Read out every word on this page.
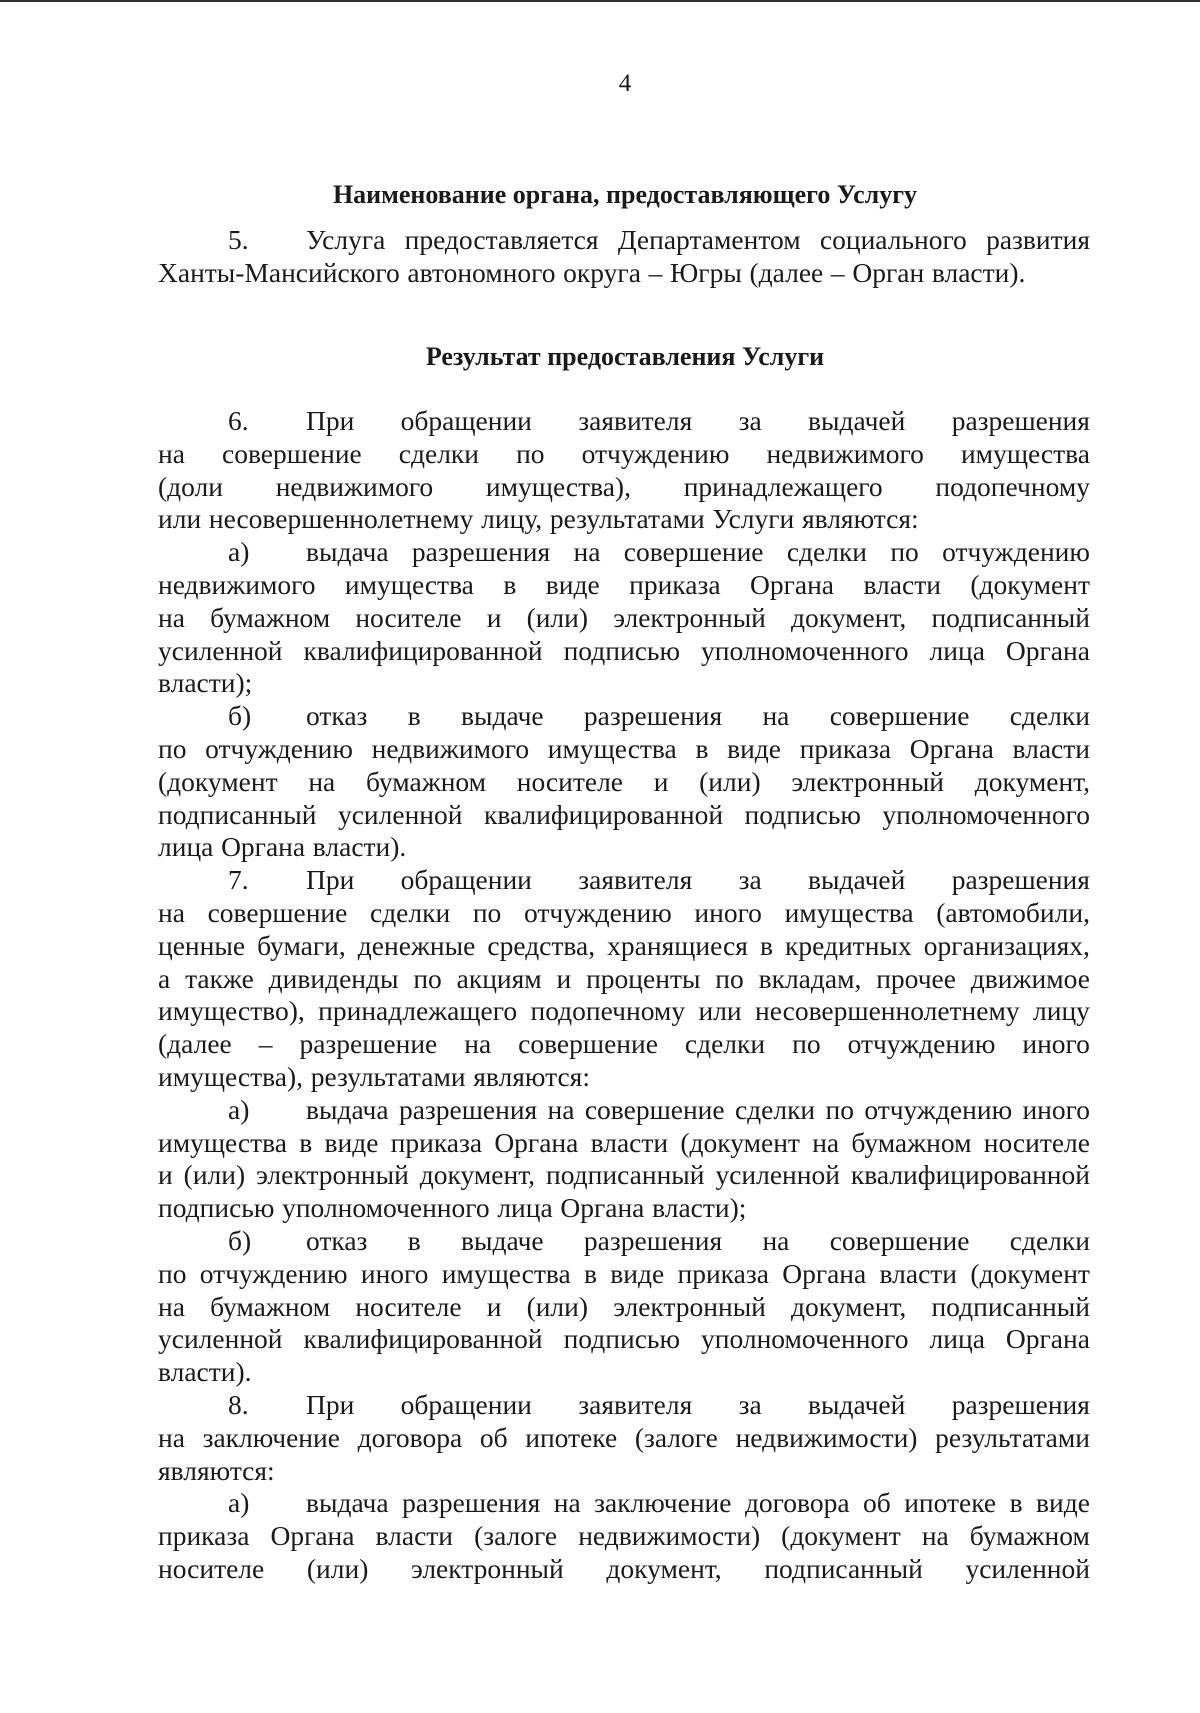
4
Наименование органа, предоставляющего Услугу
5.	Услуга предоставляется Департаментом социального развития
Ханты-Мансийского автономного округа – Югры (далее – Орган власти).
Результат предоставления Услуги
6.	При обращении заявителя за выдачей разрешения
на совершение сделки по отчуждению недвижимого имущества
(доли недвижимого имущества), принадлежащего подопечному
или несовершеннолетнему лицу, результатами Услуги являются:
а)	выдача разрешения на совершение сделки по отчуждению
недвижимого имущества в виде приказа Органа власти (документ
на бумажном носителе и (или) электронный документ, подписанный
усиленной квалифицированной подписью уполномоченного лица Органа
власти);
б)	отказ в выдаче разрешения на совершение сделки
по отчуждению недвижимого имущества в виде приказа Органа власти
(документ на бумажном носителе и (или) электронный документ,
подписанный усиленной квалифицированной подписью уполномоченного
лица Органа власти).
7.	При обращении заявителя за выдачей разрешения
на совершение сделки по отчуждению иного имущества (автомобили,
ценные бумаги, денежные средства, хранящиеся в кредитных организациях,
а также дивиденды по акциям и проценты по вкладам, прочее движимое
имущество), принадлежащего подопечному или несовершеннолетнему лицу
(далее – разрешение на совершение сделки по отчуждению иного
имущества), результатами являются:
а)	выдача разрешения на совершение сделки по отчуждению иного
имущества в виде приказа Органа власти (документ на бумажном носителе
и (или) электронный документ, подписанный усиленной квалифицированной
подписью уполномоченного лица Органа власти);
б)	отказ в выдаче разрешения на совершение сделки
по отчуждению иного имущества в виде приказа Органа власти (документ
на бумажном носителе и (или) электронный документ, подписанный
усиленной квалифицированной подписью уполномоченного лица Органа
власти).
8.	При обращении заявителя за выдачей разрешения
на заключение договора об ипотеке (залоге недвижимости) результатами
являются:
а)	выдача разрешения на заключение договора об ипотеке в виде
приказа Органа власти (залоге недвижимости) (документ на бумажном
носителе (или) электронный документ, подписанный усиленной
